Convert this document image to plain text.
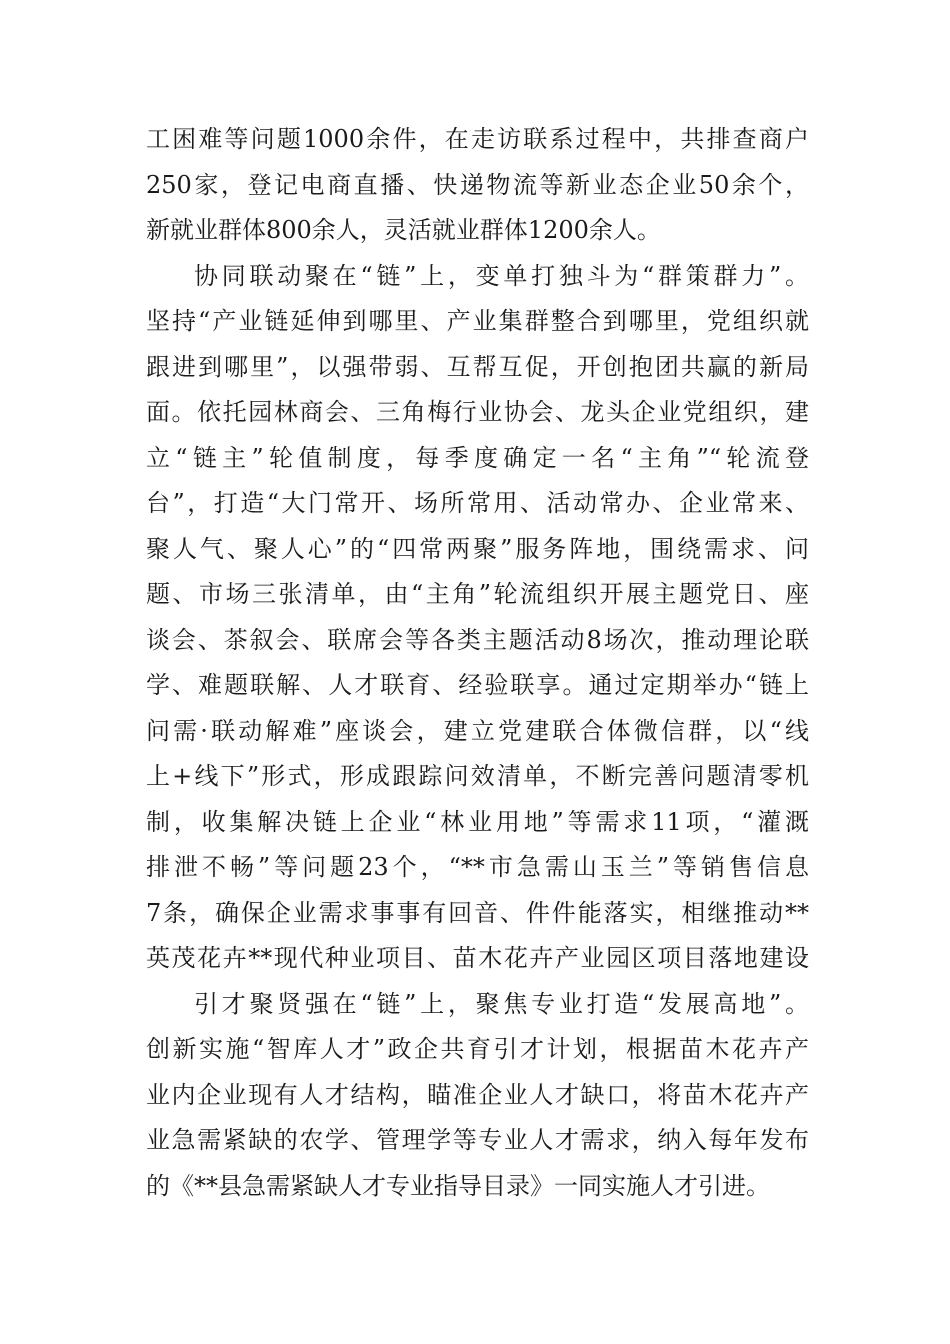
工困难等问题1000余件，在走访联系过程中，共排查商户
250家，登记电商直播、快递物流等新业态企业50余个，
新就业群体800余人，灵活就业群体1200余人。

协同联动聚在“链”上，变单打独斗为“群策群力”。
坚持“产业链延伸到哪里、产业集群整合到哪里，党组织就
跟进到哪里”，以强带弱、互帮互促，开创抱团共赢的新局
面。依托园林商会、三角梅行业协会、龙头企业党组织，建
立“链主”轮值制度，每季度确定一名“主角”“轮流登
台”，打造“大门常开、场所常用、活动常办、企业常来、
聚人气、聚人心”的“四常两聚”服务阵地，围绕需求、问
题、市场三张清单，由“主角”轮流组织开展主题党日、座
谈会、茶叙会、联席会等各类主题活动8场次，推动理论联
学、难题联解、人才联育、经验联享。通过定期举办“链上
问需·联动解难”座谈会，建立党建联合体微信群，以“线
上+线下”形式，形成跟踪问效清单，不断完善问题清零机
制，收集解决链上企业“林业用地”等需求11项，“灌溉
排泄不畅”等问题23个，“**市急需山玉兰”等销售信息
7条，确保企业需求事事有回音、件件能落实，相继推动**
英茂花卉**现代种业项目、苗木花卉产业园区项目落地建设

引才聚贤强在“链”上，聚焦专业打造“发展高地”。
创新实施“智库人才”政企共育引才计划，根据苗木花卉产
业内企业现有人才结构，瞄准企业人才缺口，将苗木花卉产
业急需紧缺的农学、管理学等专业人才需求，纳入每年发布
的《**县急需紧缺人才专业指导目录》一同实施人才引进。
